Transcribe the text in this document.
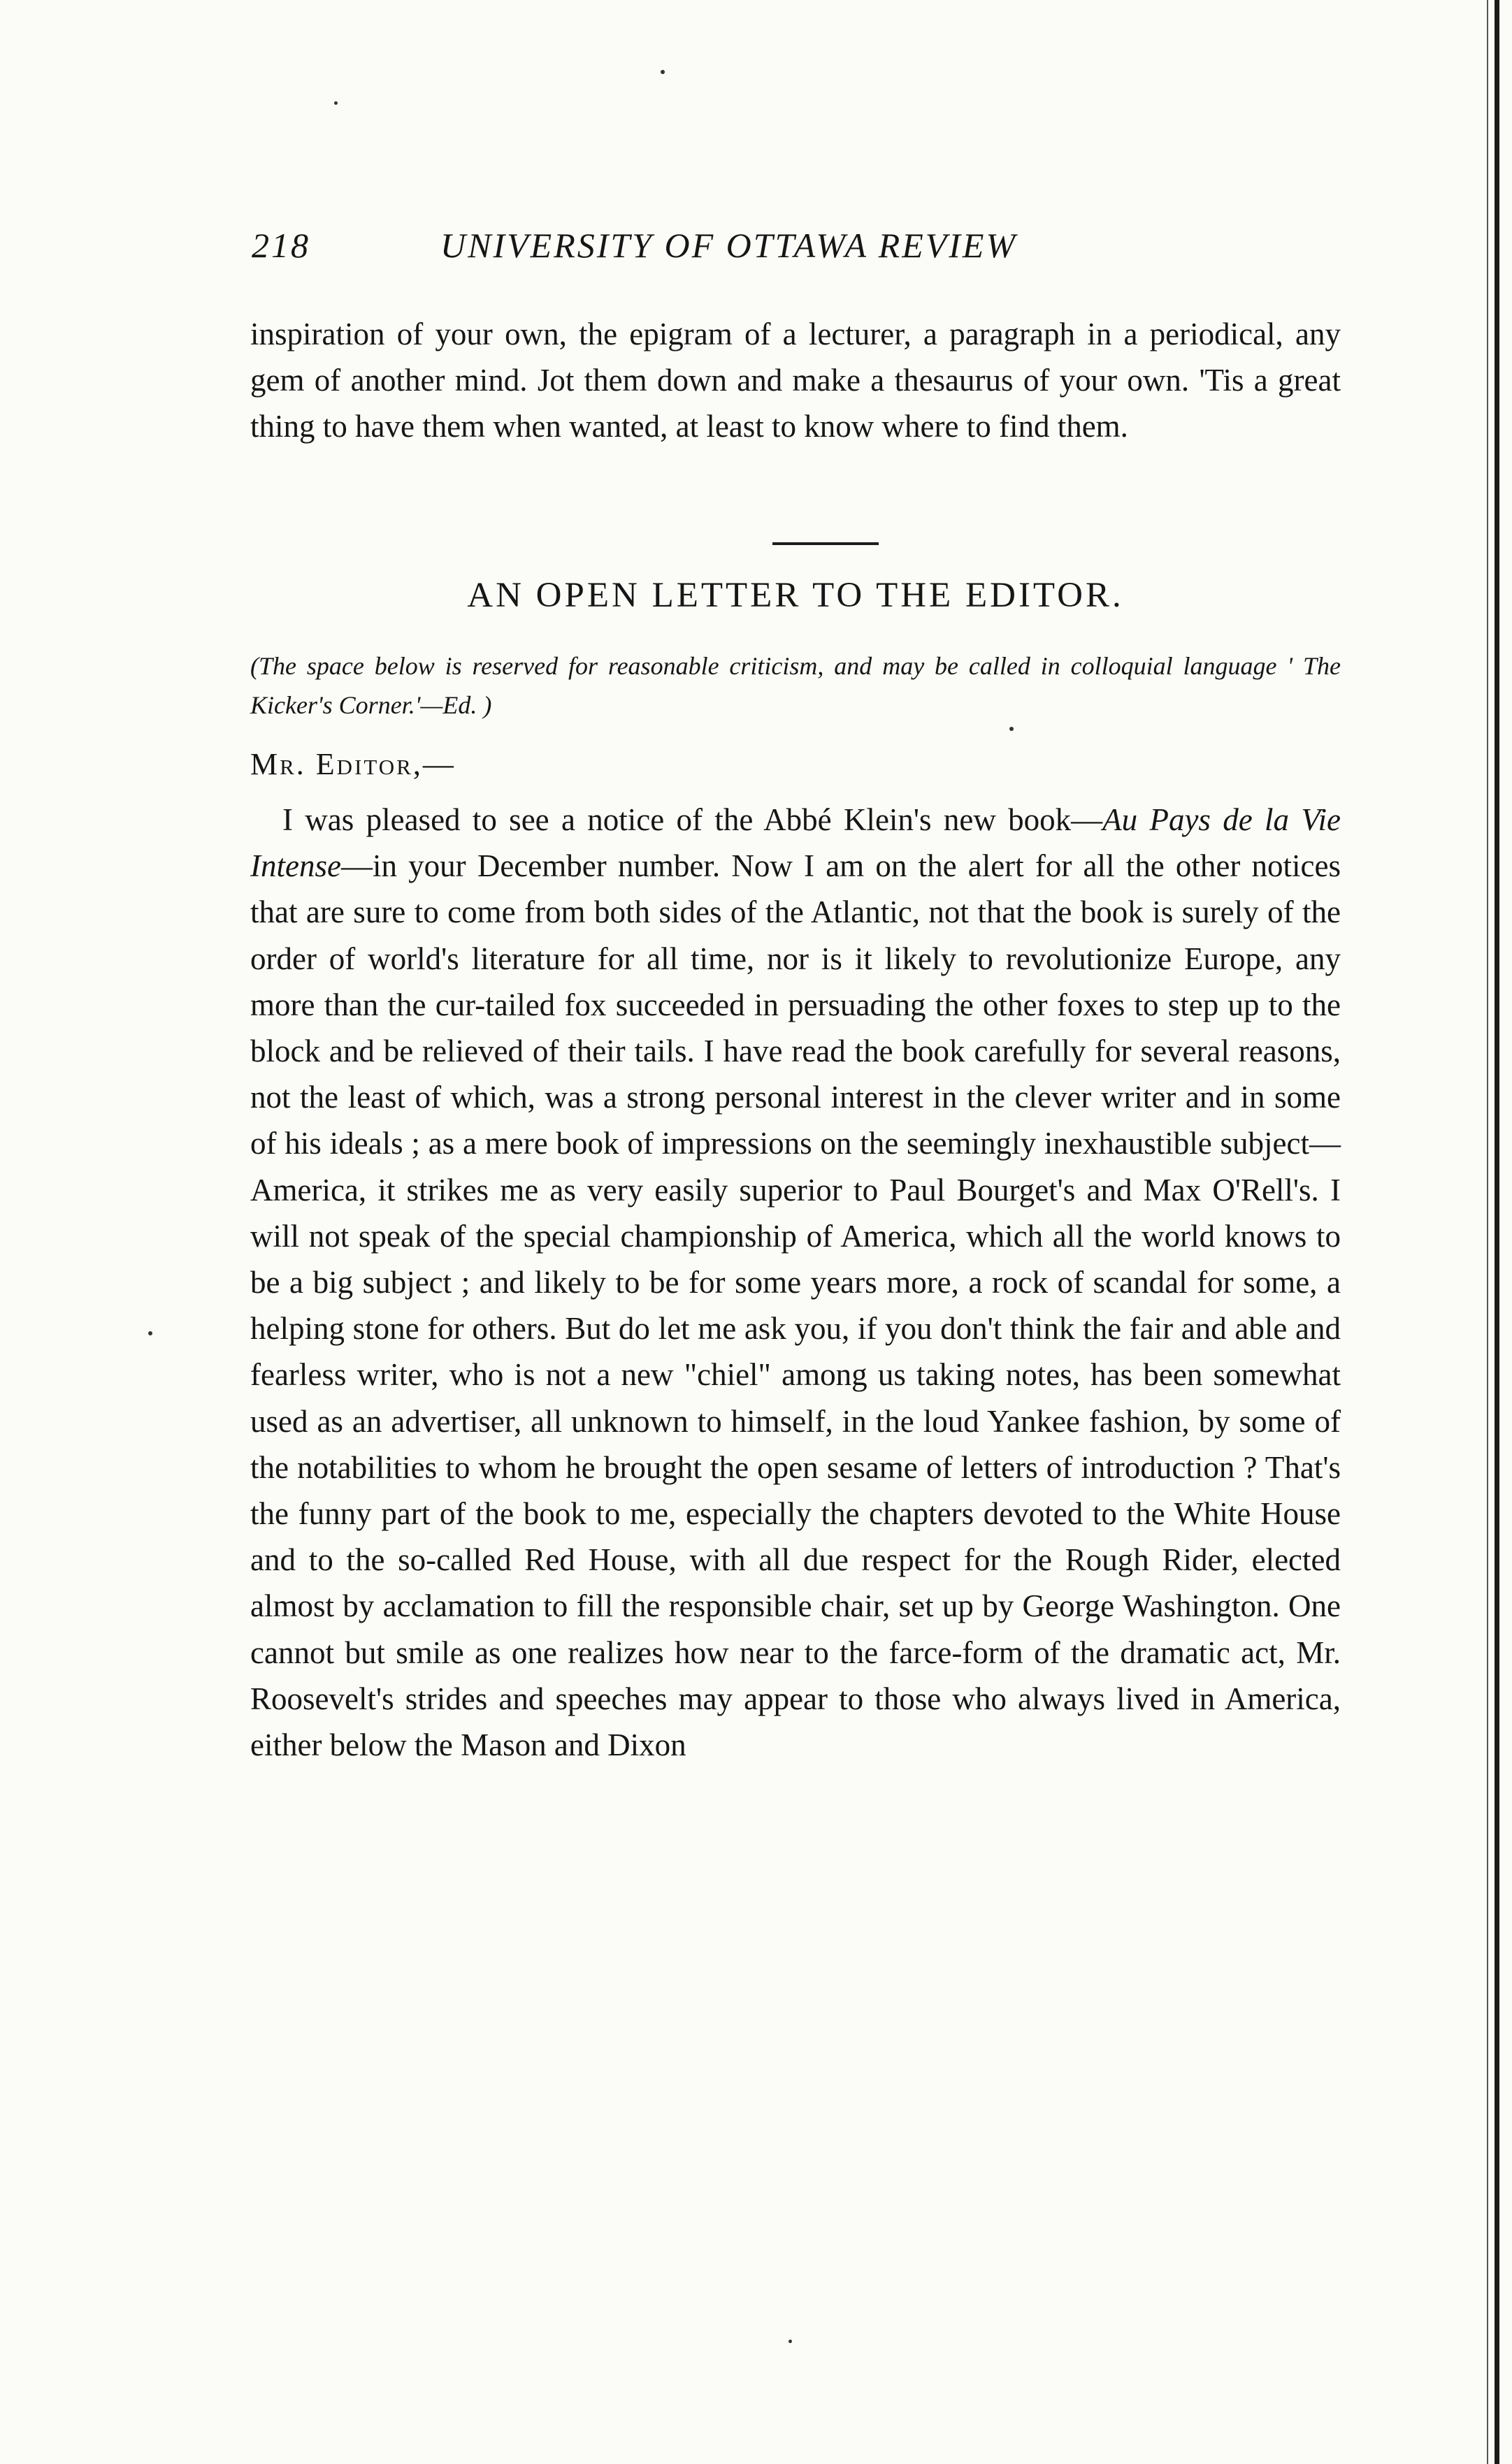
218	UNIVERSITY OF OTTAWA REVIEW

inspiration of your own, the epigram of a lecturer, a paragraph in a periodical, any gem of another mind. Jot them down and make a thesaurus of your own. 'Tis a great thing to have them when wanted, at least to know where to find them.

AN OPEN LETTER TO THE EDITOR.

(The space below is reserved for reasonable criticism, and may be called in colloquial language ' The Kicker's Corner.'—Ed. )

Mr. Editor,—

I was pleased to see a notice of the Abbé Klein's new book—Au Pays de la Vie Intense—in your December number. Now I am on the alert for all the other notices that are sure to come from both sides of the Atlantic, not that the book is surely of the order of world's literature for all time, nor is it likely to revolutionize Europe, any more than the cur-tailed fox succeeded in persuading the other foxes to step up to the block and be relieved of their tails. I have read the book carefully for several reasons, not the least of which, was a strong personal interest in the clever writer and in some of his ideals ; as a mere book of impressions on the seemingly inexhaustible subject—America, it strikes me as very easily superior to Paul Bourget's and Max O'Rell's. I will not speak of the special championship of America, which all the world knows to be a big subject ; and likely to be for some years more, a rock of scandal for some, a helping stone for others. But do let me ask you, if you don't think the fair and able and fearless writer, who is not a new "chiel" among us taking notes, has been somewhat used as an advertiser, all unknown to himself, in the loud Yankee fashion, by some of the notabilities to whom he brought the open sesame of letters of introduction ? That's the funny part of the book to me, especially the chapters devoted to the White House and to the so-called Red House, with all due respect for the Rough Rider, elected almost by acclamation to fill the responsible chair, set up by George Washington. One cannot but smile as one realizes how near to the farce-form of the dramatic act, Mr. Roosevelt's strides and speeches may appear to those who always lived in America, either below the Mason and Dixon
